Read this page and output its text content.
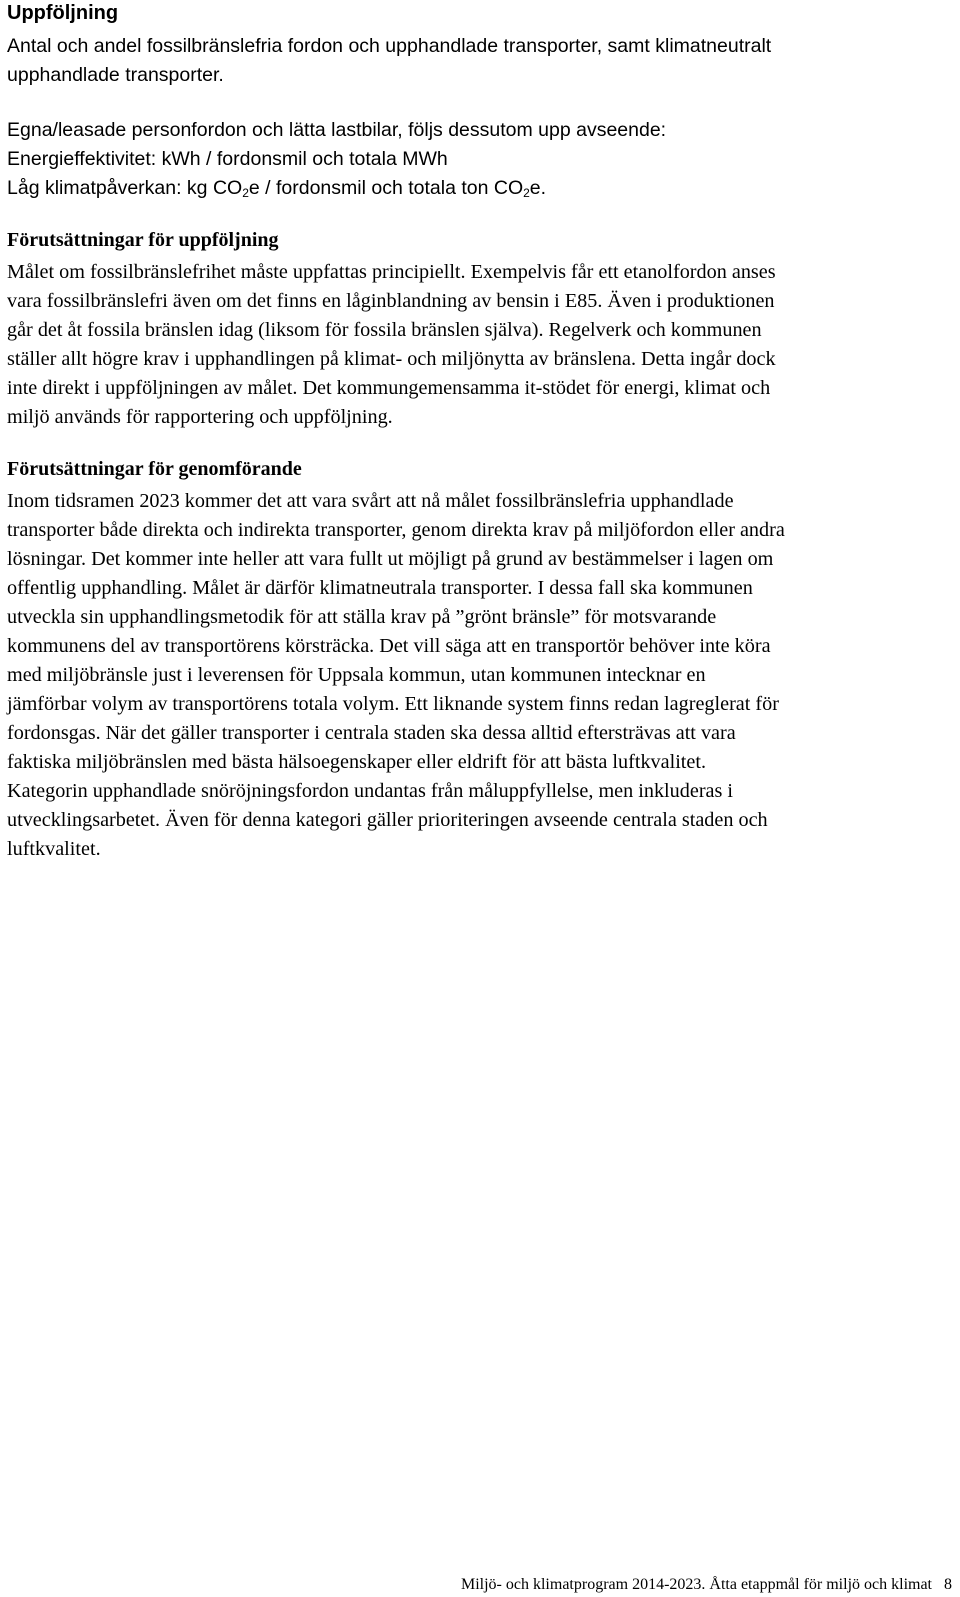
Uppföljning

Antal och andel fossilbränslefria fordon och upphandlade transporter, samt klimatneutralt
upphandlade transporter.

Egna/leasade personfordon och lätta lastbilar, följs dessutom upp avseende:
Energieffektivitet: kWh / fordonsmil och totala MWh
Låg klimatpåverkan: kg $CO_2e$ / fordonsmil och totala ton $CO_2e$.

Förutsättningar för uppföljning

Målet om fossilbränslefrihet måste uppfattas principiellt. Exempelvis får ett etanolfordon anses
vara fossilbränslefri även om det finns en låginblandning av bensin i E85. Även i produktionen
går det åt fossila bränslen idag (liksom för fossila bränslen själva). Regelverk och kommunen
ställer allt högre krav i upphandlingen på klimat- och miljönytta av bränslena. Detta ingår dock
inte direkt i uppföljningen av målet. Det kommungemensamma it-stödet för energi, klimat och
miljö används för rapportering och uppföljning.

Förutsättningar för genomförande

Inom tidsramen 2023 kommer det att vara svårt att nå målet fossilbränslefria upphandlade
transporter både direkta och indirekta transporter, genom direkta krav på miljöfordon eller andra
lösningar. Det kommer inte heller att vara fullt ut möjligt på grund av bestämmelser i lagen om
offentlig upphandling. Målet är därför klimatneutrala transporter. I dessa fall ska kommunen
utveckla sin upphandlingsmetodik för att ställa krav på ”grönt bränsle” för motsvarande
kommunens del av transportörens körsträcka. Det vill säga att en transportör behöver inte köra
med miljöbränsle just i leverensen för Uppsala kommun, utan kommunen intecknar en
jämförbar volym av transportörens totala volym. Ett liknande system finns redan lagreglerat för
fordonsgas. När det gäller transporter i centrala staden ska dessa alltid eftersträvas att vara
faktiska miljöbränslen med bästa hälsoegenskaper eller eldrift för att bästa luftkvalitet.
Kategorin upphandlade snöröjningsfordon undantas från måluppfyllelse, men inkluderas i
utvecklingsarbetet. Även för denna kategori gäller prioriteringen avseende centrala staden och
luftkvalitet.

Miljö- och klimatprogram 2014-2023. Åtta etappmål för miljö och klimat 8
